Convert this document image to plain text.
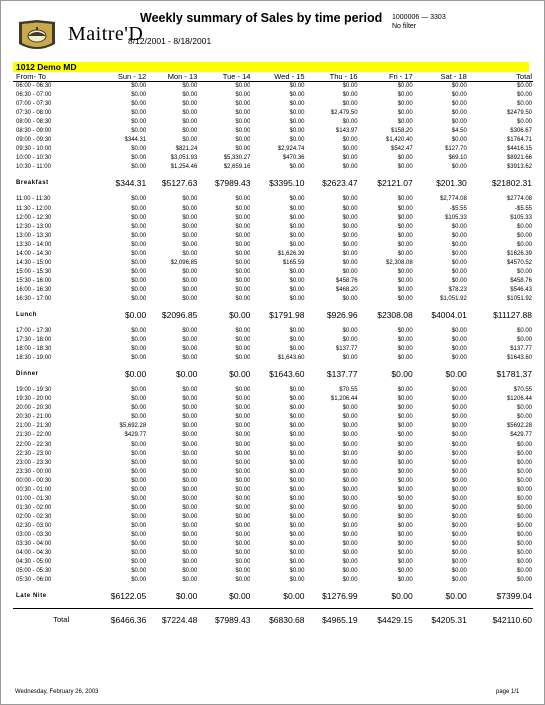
Maitre'D
Weekly summary of Sales by time period
8/12/2001 - 8/18/2001
1000006 — 3303
No filter
1012 Demo MD
From- To	Sun - 12	Mon - 13	Tue - 14	Wed - 15	Thu - 16	Fri - 17	Sat - 18	Total
06:00 - 06:30	$0.00	$0.00	$0.00	$0.00	$0.00	$0.00	$0.00	$0.00
06:30 - 07:00	$0.00	$0.00	$0.00	$0.00	$0.00	$0.00	$0.00	$0.00
07:00 - 07:30	$0.00	$0.00	$0.00	$0.00	$0.00	$0.00	$0.00	$0.00
07:30 - 08:00	$0.00	$0.00	$0.00	$0.00	$2,479.50	$0.00	$0.00	$2479.50
08:00 - 08:30	$0.00	$0.00	$0.00	$0.00	$0.00	$0.00	$0.00	$0.00
08:30 - 09:00	$0.00	$0.00	$0.00	$0.00	$143.97	$158.20	$4.50	$306.67
09:00 - 09:30	$344.31	$0.00	$0.00	$0.00	$0.00	$1,420.40	$0.00	$1764.71
09:30 - 10:00	$0.00	$821.24	$0.00	$2,924.74	$0.00	$542.47	$127.70	$4416.15
10:00 - 10:30	$0.00	$3,051.93	$5,330.27	$470.36	$0.00	$0.00	$69.10	$8921.66
10:30 - 11:00	$0.00	$1,254.46	$2,659.16	$0.00	$0.00	$0.00	$0.00	$3913.62
Breakfast	$344.31	$5127.63	$7989.43	$3395.10	$2623.47	$2121.07	$201.30	$21802.31
11:00 - 11:30	$0.00	$0.00	$0.00	$0.00	$0.00	$0.00	$2,774.08	$2774.08
11:30 - 12:00	$0.00	$0.00	$0.00	$0.00	$0.00	$0.00	-$5.55	-$5.55
12:00 - 12:30	$0.00	$0.00	$0.00	$0.00	$0.00	$0.00	$105.33	$105.33
12:30 - 13:00	$0.00	$0.00	$0.00	$0.00	$0.00	$0.00	$0.00	$0.00
13:00 - 13:30	$0.00	$0.00	$0.00	$0.00	$0.00	$0.00	$0.00	$0.00
13:30 - 14:00	$0.00	$0.00	$0.00	$0.00	$0.00	$0.00	$0.00	$0.00
14:00 - 14:30	$0.00	$0.00	$0.00	$1,626.39	$0.00	$0.00	$0.00	$1626.39
14:30 - 15:00	$0.00	$2,096.85	$0.00	$165.59	$0.00	$2,308.08	$0.00	$4570.52
15:00 - 15:30	$0.00	$0.00	$0.00	$0.00	$0.00	$0.00	$0.00	$0.00
15:30 - 16:00	$0.00	$0.00	$0.00	$0.00	$458.76	$0.00	$0.00	$458.76
16:00 - 16:30	$0.00	$0.00	$0.00	$0.00	$468.20	$0.00	$78.23	$546.43
16:30 - 17:00	$0.00	$0.00	$0.00	$0.00	$0.00	$0.00	$1,051.92	$1051.92
Lunch	$0.00	$2096.85	$0.00	$1791.98	$926.96	$2308.08	$4004.01	$11127.88
17:00 - 17:30	$0.00	$0.00	$0.00	$0.00	$0.00	$0.00	$0.00	$0.00
17:30 - 18:00	$0.00	$0.00	$0.00	$0.00	$0.00	$0.00	$0.00	$0.00
18:00 - 18:30	$0.00	$0.00	$0.00	$0.00	$137.77	$0.00	$0.00	$137.77
18:30 - 19:00	$0.00	$0.00	$0.00	$1,643.60	$0.00	$0.00	$0.00	$1643.60
Dinner	$0.00	$0.00	$0.00	$1643.60	$137.77	$0.00	$0.00	$1781.37
19:00 - 19:30	$0.00	$0.00	$0.00	$0.00	$70.55	$0.00	$0.00	$70.55
19:30 - 20:00	$0.00	$0.00	$0.00	$0.00	$1,206.44	$0.00	$0.00	$1206.44
20:00 - 20:30	$0.00	$0.00	$0.00	$0.00	$0.00	$0.00	$0.00	$0.00
20:30 - 21:00	$0.00	$0.00	$0.00	$0.00	$0.00	$0.00	$0.00	$0.00
21:00 - 21:30	$5,692.28	$0.00	$0.00	$0.00	$0.00	$0.00	$0.00	$5692.28
21:30 - 22:00	$429.77	$0.00	$0.00	$0.00	$0.00	$0.00	$0.00	$429.77
22:00 - 22:30	$0.00	$0.00	$0.00	$0.00	$0.00	$0.00	$0.00	$0.00
22:30 - 23:00	$0.00	$0.00	$0.00	$0.00	$0.00	$0.00	$0.00	$0.00
23:00 - 23:30	$0.00	$0.00	$0.00	$0.00	$0.00	$0.00	$0.00	$0.00
23:30 - 00:00	$0.00	$0.00	$0.00	$0.00	$0.00	$0.00	$0.00	$0.00
00:00 - 00:30	$0.00	$0.00	$0.00	$0.00	$0.00	$0.00	$0.00	$0.00
00:30 - 01:00	$0.00	$0.00	$0.00	$0.00	$0.00	$0.00	$0.00	$0.00
01:00 - 01:30	$0.00	$0.00	$0.00	$0.00	$0.00	$0.00	$0.00	$0.00
01:30 - 02:00	$0.00	$0.00	$0.00	$0.00	$0.00	$0.00	$0.00	$0.00
02:00 - 02:30	$0.00	$0.00	$0.00	$0.00	$0.00	$0.00	$0.00	$0.00
02:30 - 03:00	$0.00	$0.00	$0.00	$0.00	$0.00	$0.00	$0.00	$0.00
03:00 - 03:30	$0.00	$0.00	$0.00	$0.00	$0.00	$0.00	$0.00	$0.00
03:30 - 04:00	$0.00	$0.00	$0.00	$0.00	$0.00	$0.00	$0.00	$0.00
04:00 - 04:30	$0.00	$0.00	$0.00	$0.00	$0.00	$0.00	$0.00	$0.00
04:30 - 05:00	$0.00	$0.00	$0.00	$0.00	$0.00	$0.00	$0.00	$0.00
05:00 - 05:30	$0.00	$0.00	$0.00	$0.00	$0.00	$0.00	$0.00	$0.00
05:30 - 06:00	$0.00	$0.00	$0.00	$0.00	$0.00	$0.00	$0.00	$0.00
Late Nite	$6122.05	$0.00	$0.00	$0.00	$1276.99	$0.00	$0.00	$7399.04
Total	$6466.36	$7224.48	$7989.43	$6830.68	$4965.19	$4429.15	$4205.31	$42110.60
Wednesday, February 26, 2003	page 1/1
